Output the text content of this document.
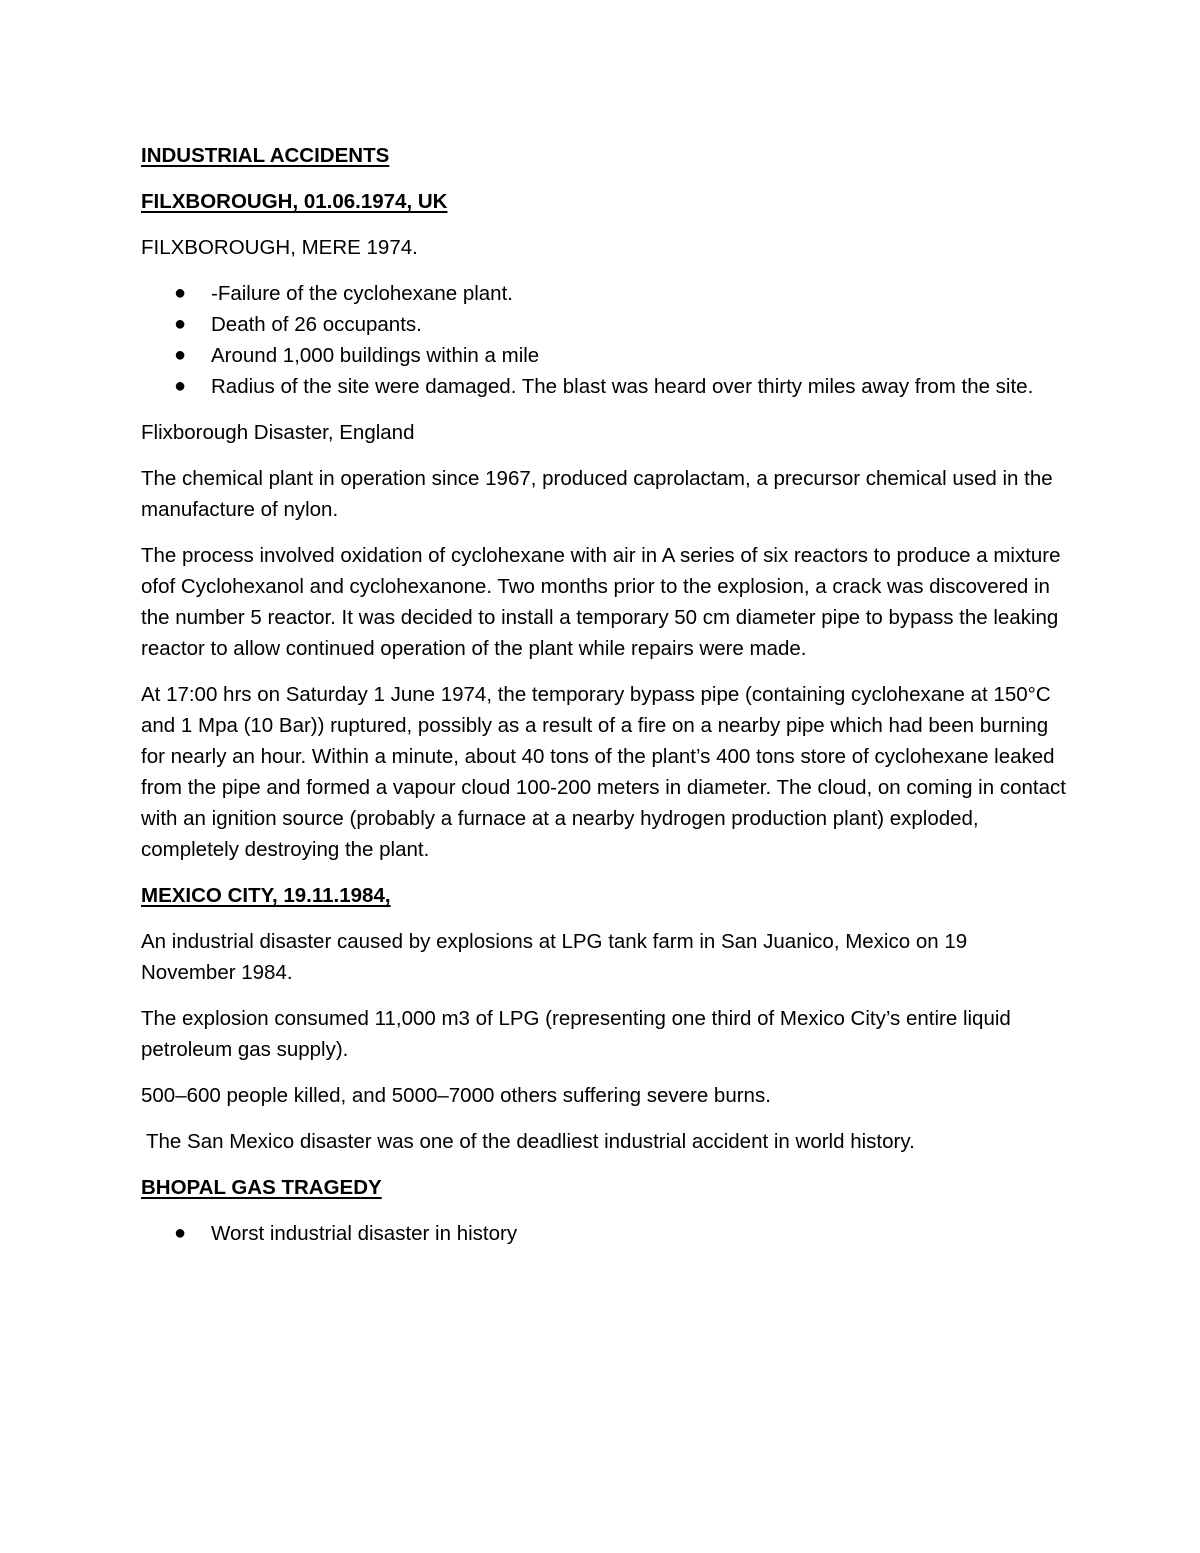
INDUSTRIAL ACCIDENTS

FILXBOROUGH, 01.06.1974, UK

FILXBOROUGH, MERE 1974.

● -Failure of the cyclohexane plant.
● Death of 26 occupants.
● Around 1,000 buildings within a mile
● Radius of the site were damaged. The blast was heard over thirty miles away from the site.

Flixborough Disaster, England

The chemical plant in operation since 1967, produced caprolactam, a precursor chemical used in the manufacture of nylon.

The process involved oxidation of cyclohexane with air in A series of six reactors to produce a mixture ofof Cyclohexanol and cyclohexanone. Two months prior to the explosion, a crack was discovered in the number 5 reactor. It was decided to install a temporary 50 cm diameter pipe to bypass the leaking reactor to allow continued operation of the plant while repairs were made.

At 17:00 hrs on Saturday 1 June 1974, the temporary bypass pipe (containing cyclohexane at 150°C and 1 Mpa (10 Bar)) ruptured, possibly as a result of a fire on a nearby pipe which had been burning for nearly an hour. Within a minute, about 40 tons of the plant’s 400 tons store of cyclohexane leaked from the pipe and formed a vapour cloud 100-200 meters in diameter. The cloud, on coming in contact with an ignition source (probably a furnace at a nearby hydrogen production plant) exploded, completely destroying the plant.

MEXICO CITY, 19.11.1984,

An industrial disaster caused by explosions at LPG tank farm in San Juanico, Mexico on 19 November 1984.

The explosion consumed 11,000 m3 of LPG (representing one third of Mexico City’s entire liquid petroleum gas supply).

500–600 people killed, and 5000–7000 others suffering severe burns.

The San Mexico disaster was one of the deadliest industrial accident in world history.

BHOPAL GAS TRAGEDY

● Worst industrial disaster in history
